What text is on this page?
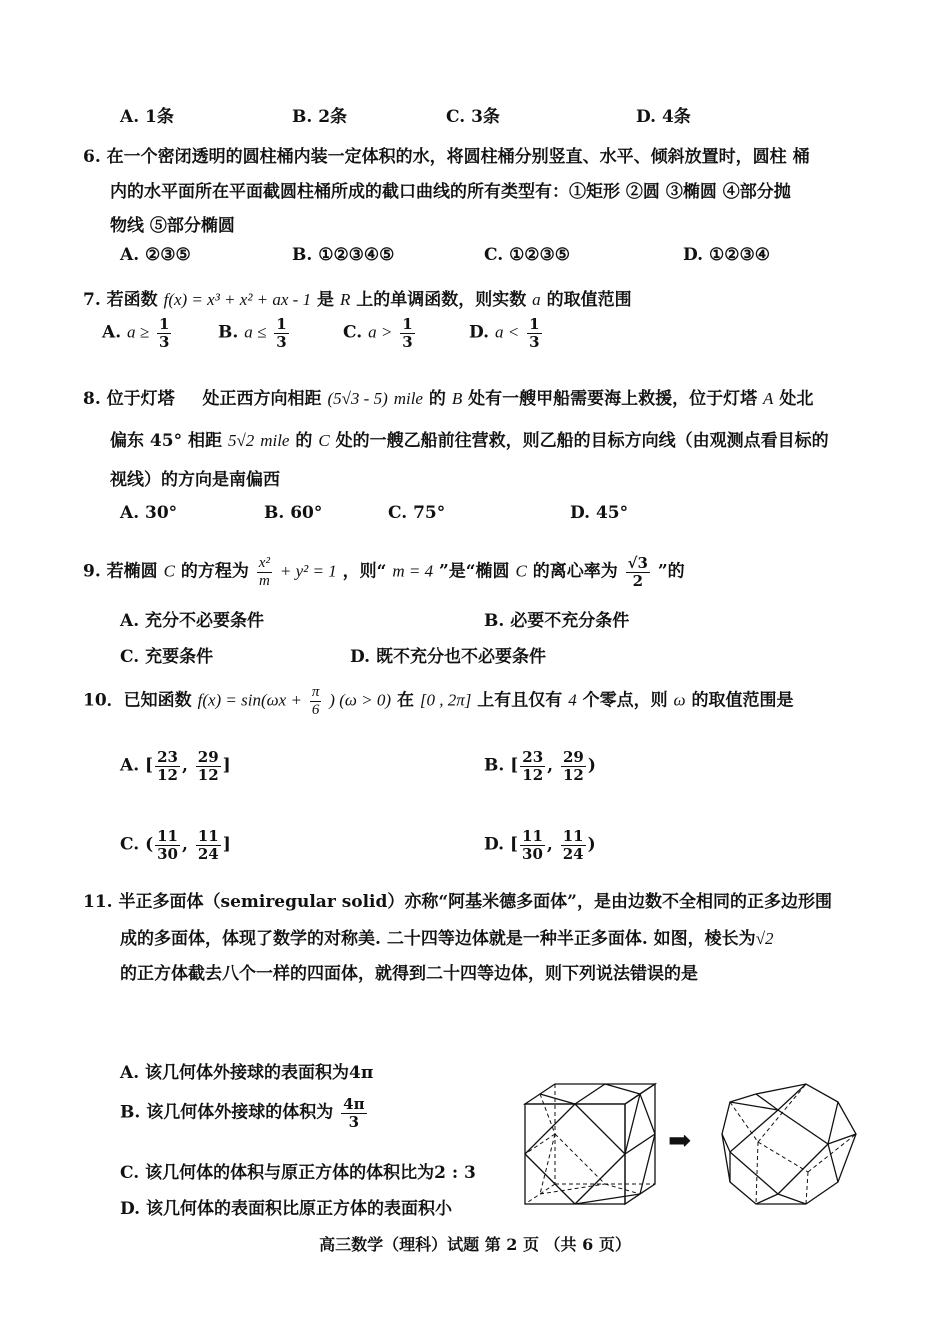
A. 1条	B. 2条	C. 3条	D. 4条
6. 在一个密闭透明的圆柱桶内装一定体积的水，将圆柱桶分别竖直、水平、倾斜放置时，圆柱 桶
内的水平面所在平面截圆柱桶所成的截口曲线的所有类型有：①矩形 ②圆 ③椭圆 ④部分抛
物线 ⑤部分椭圆
A. ②③⑤	B. ①②③④⑤	C. ①②③⑤	D. ①②③④
7. 若函数 f(x) = x³ + x² + ax - 1 是 R 上的单调函数，则实数 a 的取值范围
A. $a \ge \frac{1}{3}$	B. $a \le \frac{1}{3}$	C. $a > \frac{1}{3}$	D. $a < \frac{1}{3}$
8. 位于灯塔 处正西方向相距 (5√3 - 5) mile 的 B 处有一艘甲船需要海上救援，位于灯塔 A 处北
偏东 45° 相距 5√2 mile 的 C 处的一艘乙船前往营救，则乙船的目标方向线（由观测点看目标的
视线）的方向是南偏西
A. 30°	B. 60°	C. 75°	D. 45°
9. 若椭圆 C 的方程为 $\frac{\text{x²}}{m} + y^2 = 1$ ，则“ m = 4 ”是“椭圆 C 的离心率为 $\frac{√3}{2}$ ”的
A. 充分不必要条件	B. 必要不充分条件
C. 充要条件	D. 既不充分也不必要条件
10．已知函数 $f(x) = \sin(\omega x + \frac{\pi}{6}$ ) (ω > 0) 在 [0 , 2π] 上有且仅有 4 个零点，则 ω 的取值范围是
A. [ $\frac{23}{12}$ , $\frac{29}{12}$ ]	B. [ $\frac{23}{12}$ , $\frac{29}{12}$ )
C. ( $\frac{11}{30}$ , $\frac{11}{24}$ ]	D. [ $\frac{11}{30}$ , $\frac{11}{24}$ )
11. 半正多面体（semiregular solid）亦称“阿基米德多面体”，是由边数不全相同的正多边形围
成的多面体，体现了数学的对称美. 二十四等边体就是一种半正多面体. 如图，棱长为√2
的正方体截去八个一样的四面体，就得到二十四等边体，则下列说法错误的是
A. 该几何体外接球的表面积为4π
B. 该几何体外接球的体积为 $\frac{4\pi}{3}$
C. 该几何体的体积与原正方体的体积比为2 : 3
D. 该几何体的表面积比原正方体的表面积小
➡
高三数学（理科）试题 第 2 页 （共 6 页）
